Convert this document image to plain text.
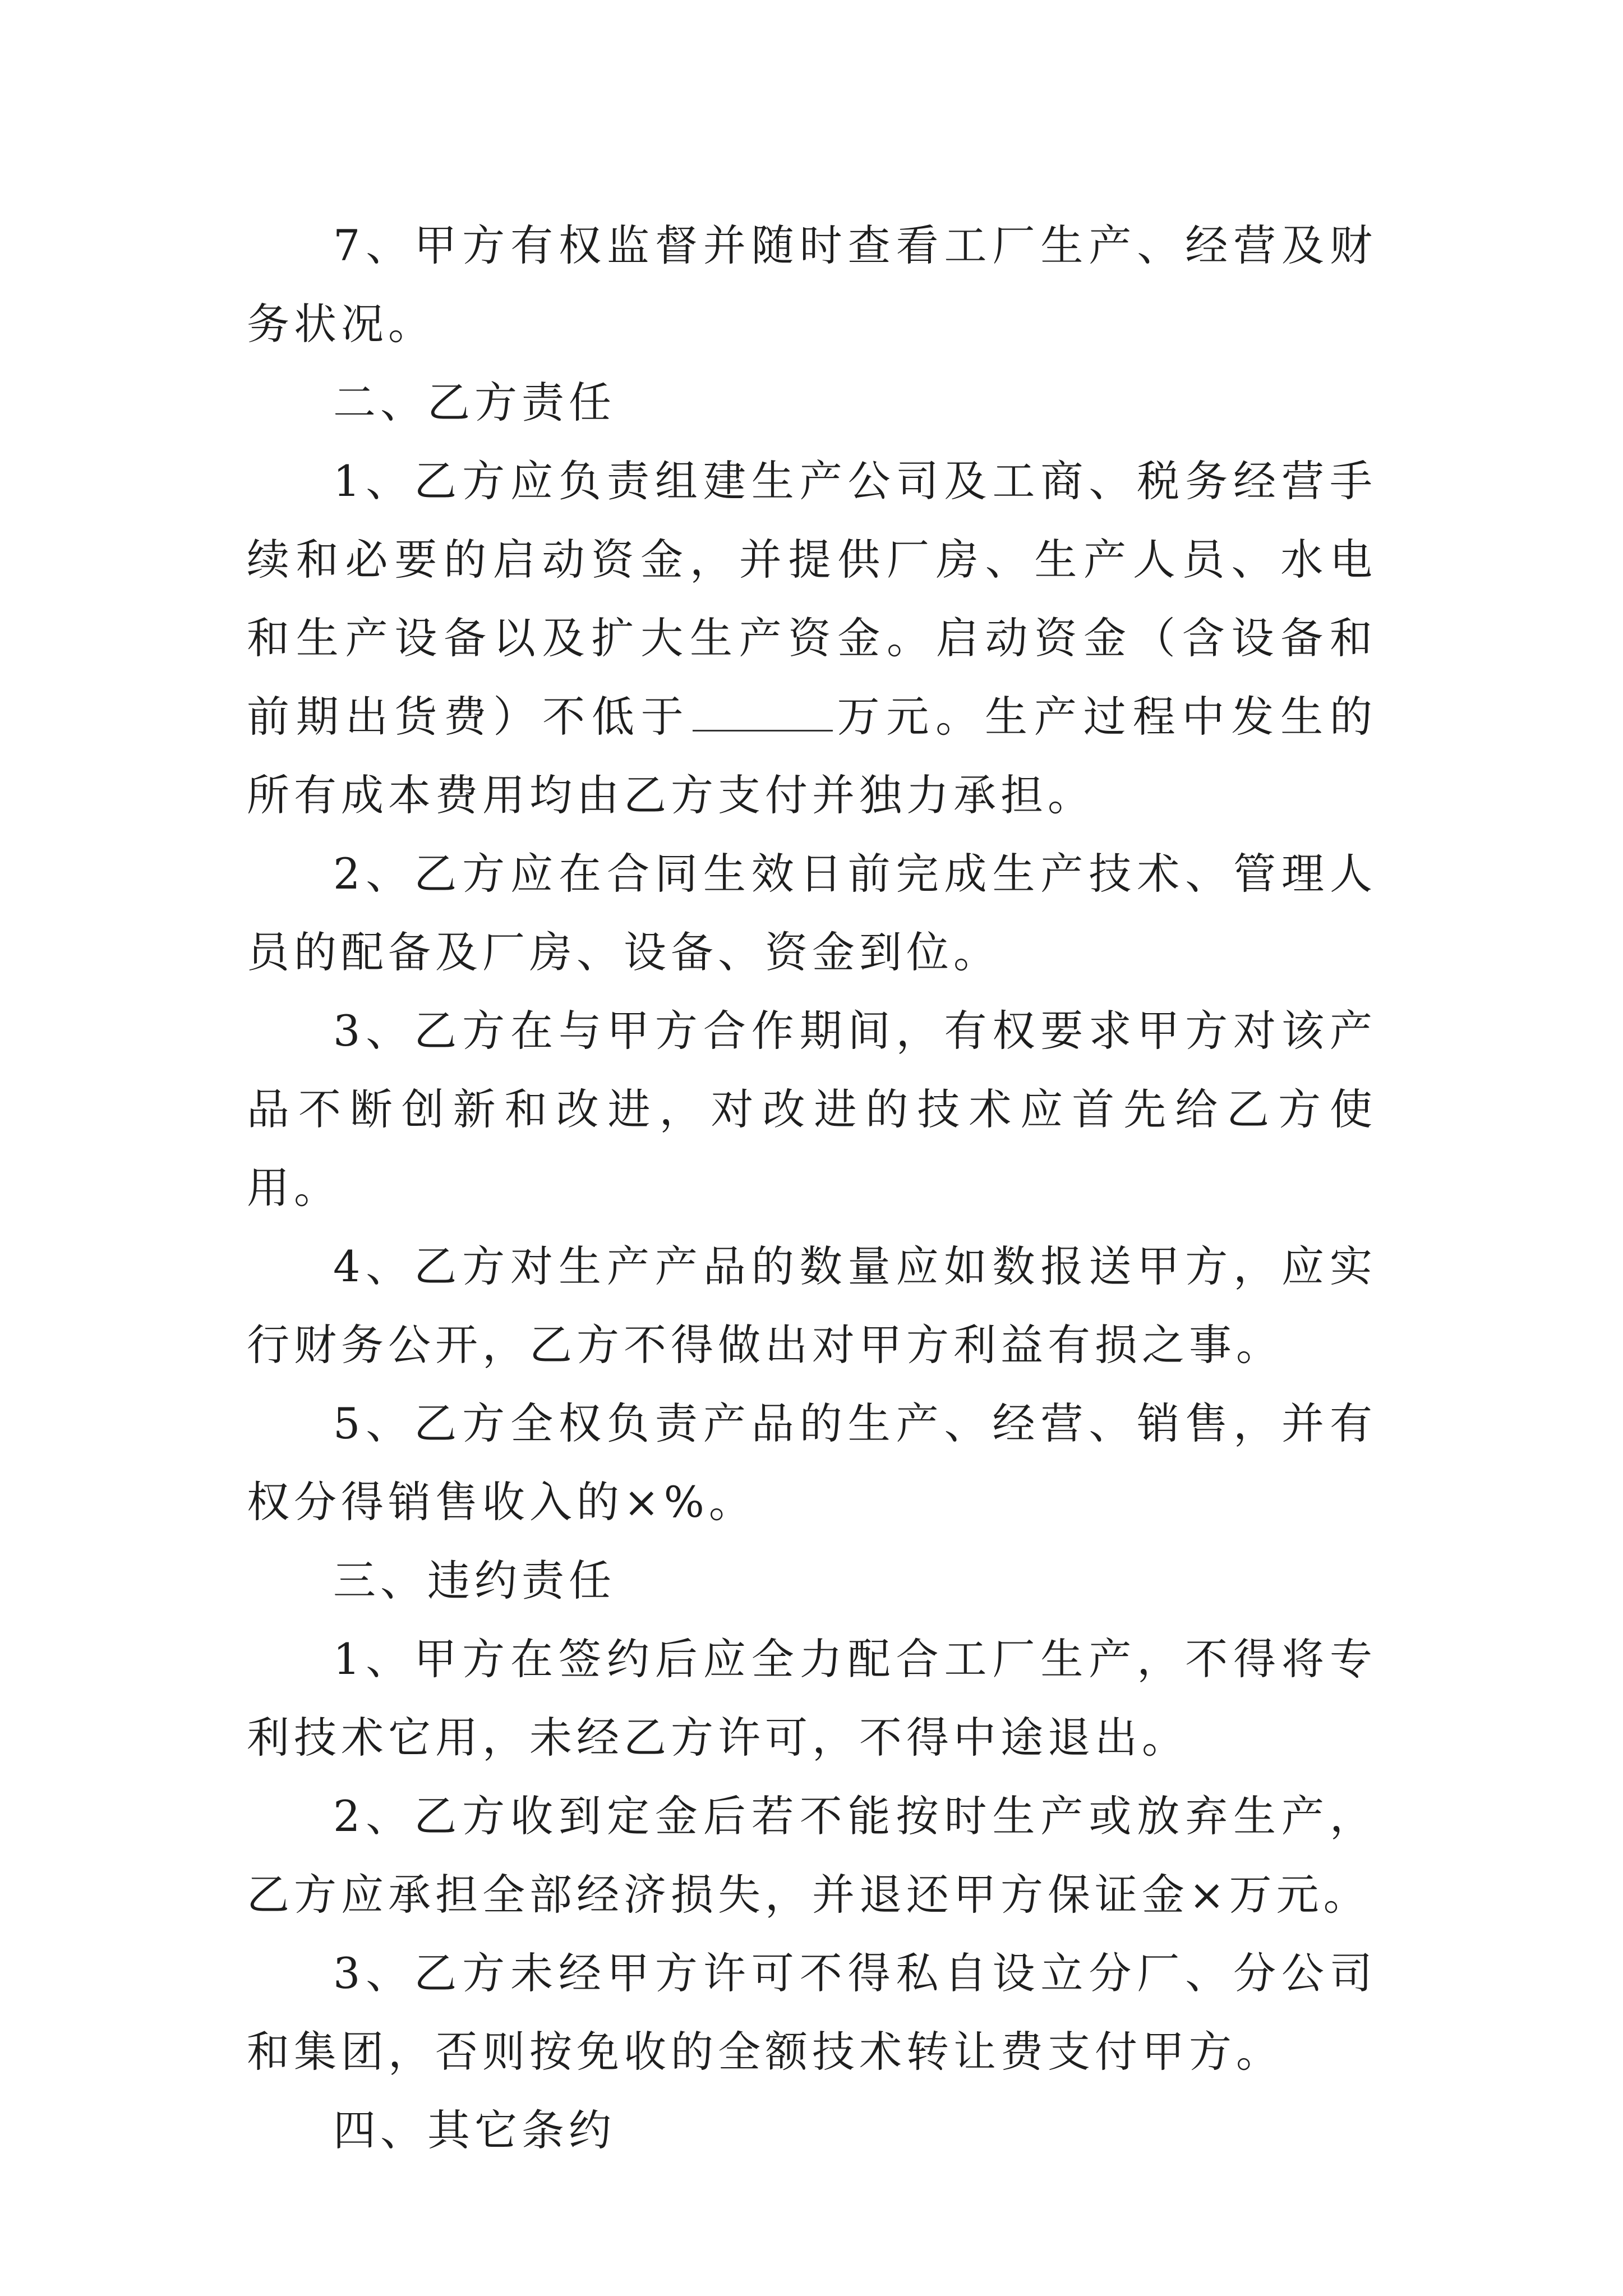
7、甲方有权监督并随时查看工厂生产、经营及财务状况。

二、乙方责任

1、乙方应负责组建生产公司及工商、税务经营手续和必要的启动资金，并提供厂房、生产人员、水电和生产设备以及扩大生产资金。启动资金（含设备和前期出货费）不低于	万元。生产过程中发生的所有成本费用均由乙方支付并独力承担。

2、乙方应在合同生效日前完成生产技术、管理人员的配备及厂房、设备、资金到位。

3、乙方在与甲方合作期间，有权要求甲方对该产品不断创新和改进，对改进的技术应首先给乙方使用。

4、乙方对生产产品的数量应如数报送甲方，应实行财务公开，乙方不得做出对甲方利益有损之事。

5、乙方全权负责产品的生产、经营、销售，并有权分得销售收入的×%。

三、违约责任

1、甲方在签约后应全力配合工厂生产，不得将专利技术它用，未经乙方许可，不得中途退出。

2、乙方收到定金后若不能按时生产或放弃生产，乙方应承担全部经济损失，并退还甲方保证金×万元。

3、乙方未经甲方许可不得私自设立分厂、分公司和集团，否则按免收的全额技术转让费支付甲方。

四、其它条约
